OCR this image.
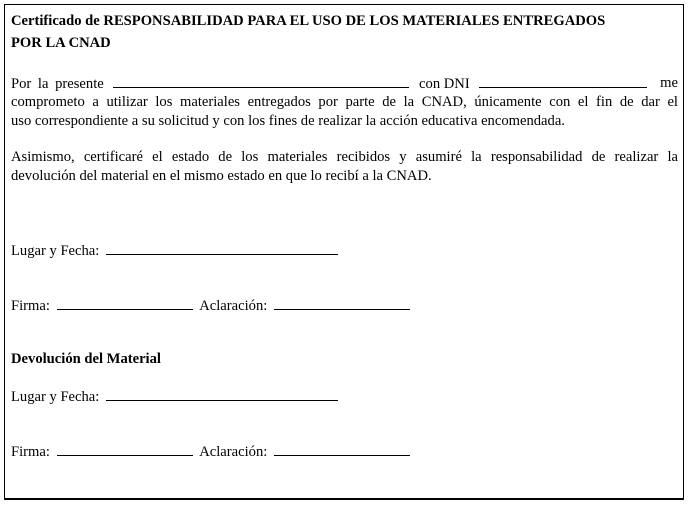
Certificado de RESPONSABILIDAD PARA EL USO DE LOS MATERIALES ENTREGADOS
POR LA CNAD
Por la presente	con DNI	me
comprometo a utilizar los materiales entregados por parte de la CNAD, únicamente con el fin de dar el
uso correspondiente a su solicitud y con los fines de realizar la acción educativa encomendada.
Asimismo, certificaré el estado de los materiales recibidos y asumiré la responsabilidad de realizar la
devolución del material en el mismo estado en que lo recibí a la CNAD.
Lugar y Fecha:
Firma:	Aclaración:
Devolución del Material
Lugar y Fecha:
Firma:	Aclaración:
